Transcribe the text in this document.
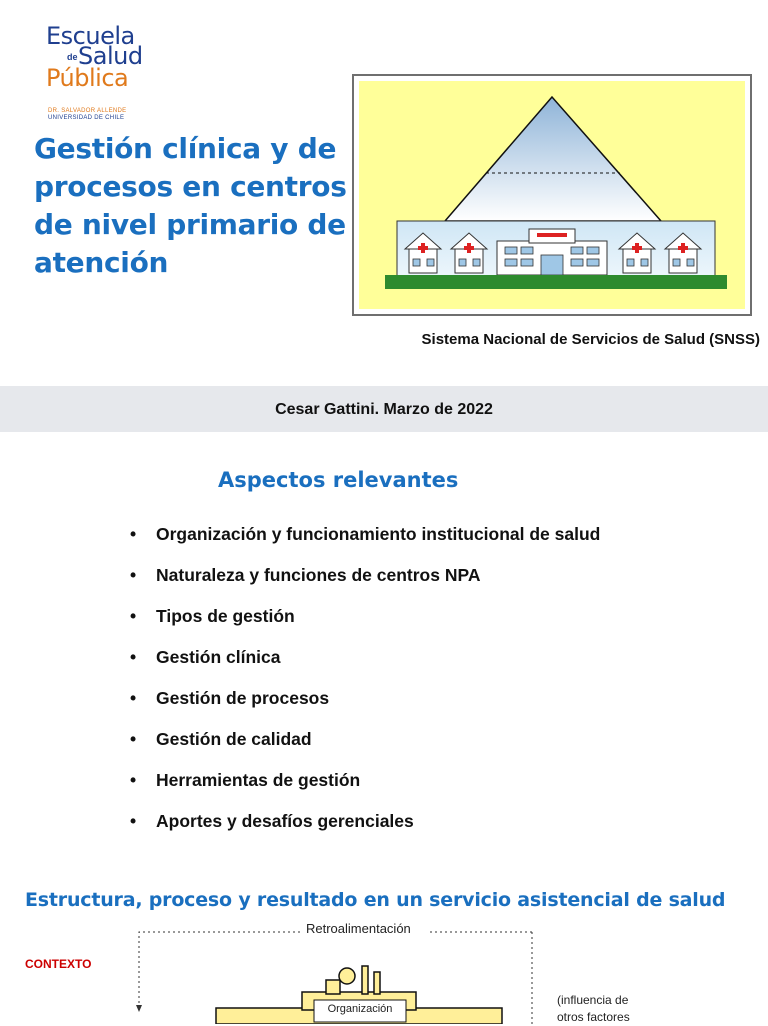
Escuela
de Salud
Pública
DR. SALVADOR ALLENDE
UNIVERSIDAD DE CHILE
Gestión clínica y de procesos en centros de nivel primario de atención
Sistema Nacional de Servicios de Salud (SNSS)
Cesar Gattini. Marzo de 2022
Aspectos relevantes
• Organización y funcionamiento institucional de salud
• Naturaleza y funciones de centros NPA
• Tipos de gestión
• Gestión clínica
• Gestión de procesos
• Gestión de calidad
• Herramientas de gestión
• Aportes y desafíos gerenciales
Estructura, proceso y resultado en un servicio asistencial de salud
Retroalimentación
CONTEXTO
Organización
(influencia de
otros factores
